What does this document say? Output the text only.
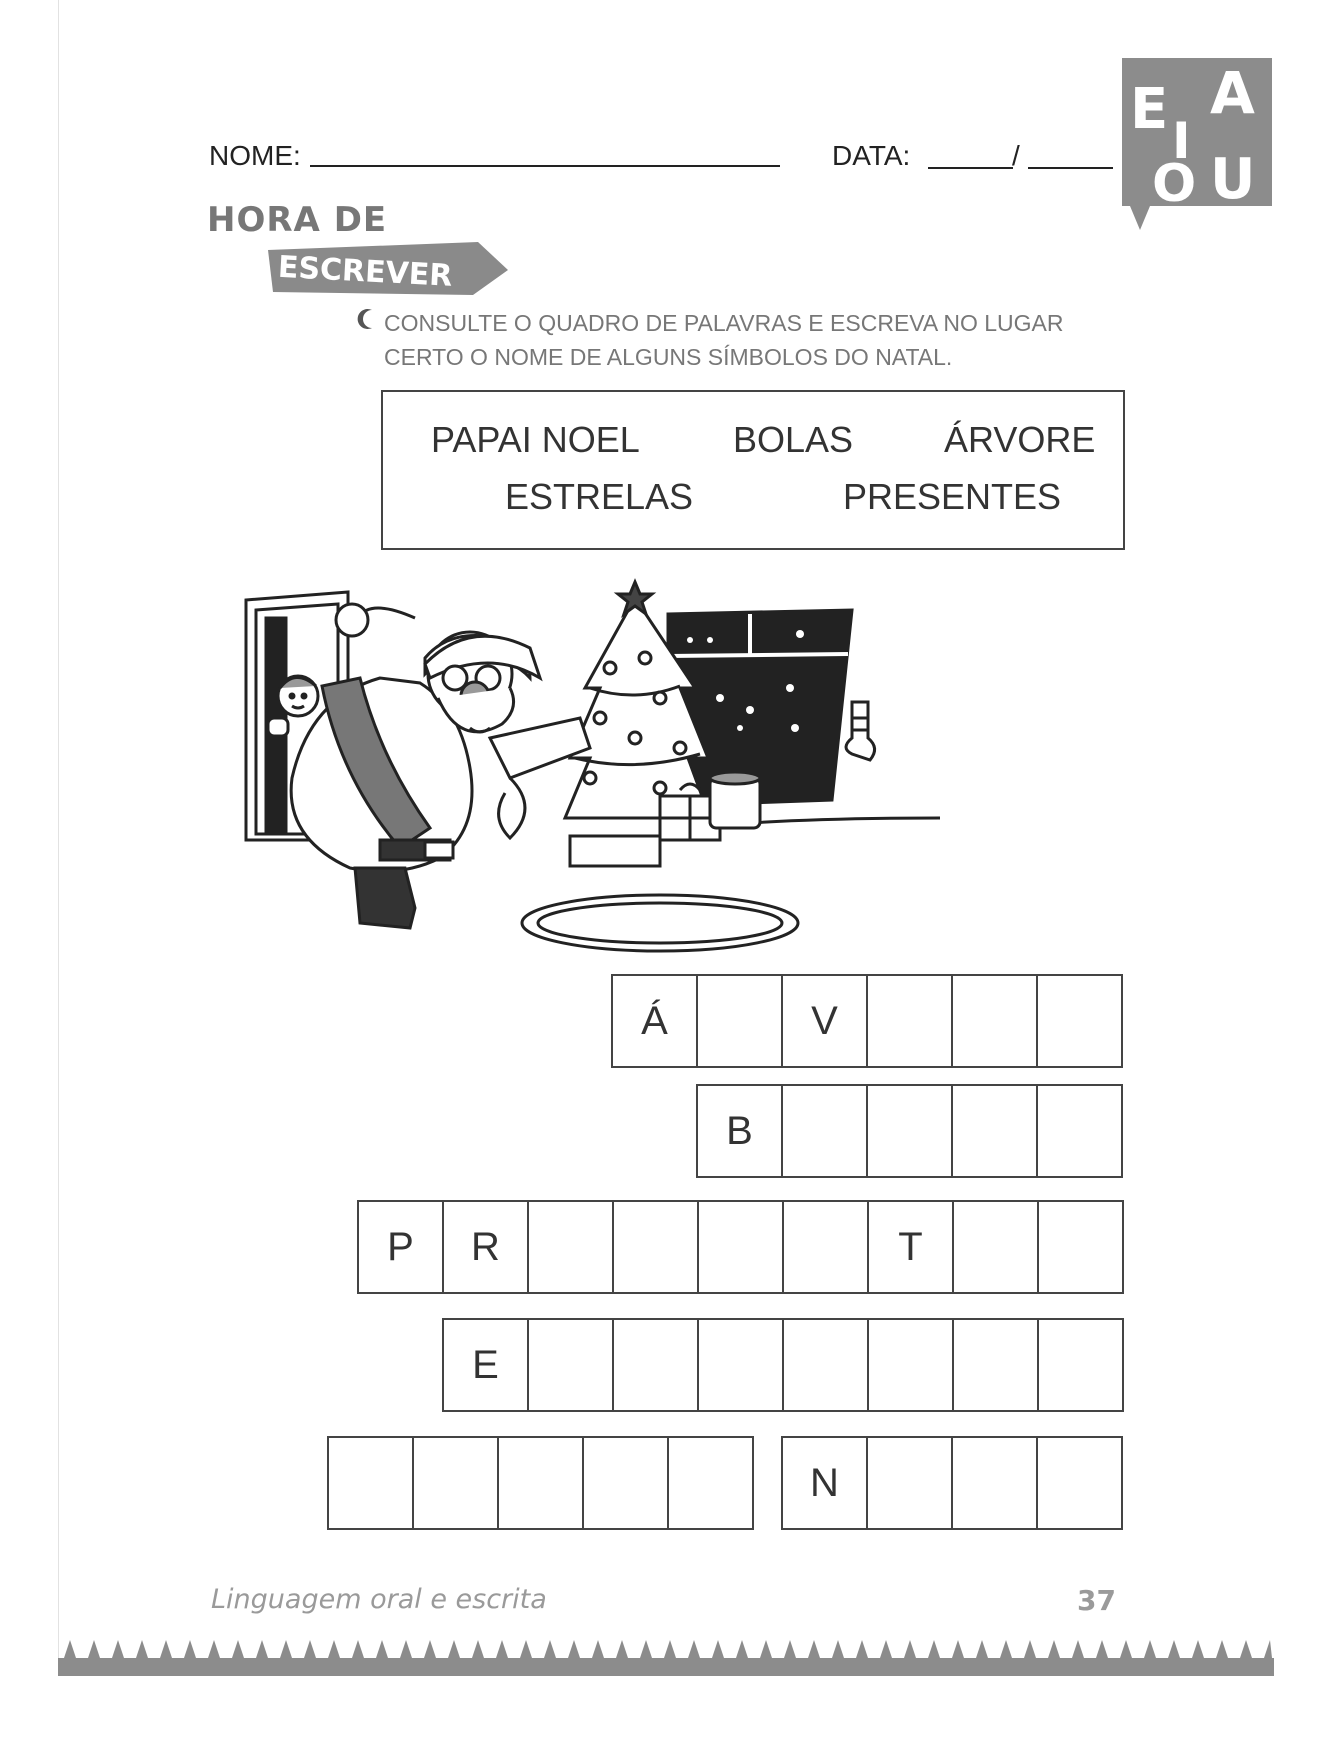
NOME:	DATA:	/
E I
A
O U
HORA DE
ESCREVER
CONSULTE O QUADRO DE PALAVRAS E ESCREVA NO LUGAR
CERTO O NOME DE ALGUNS SÍMBOLOS DO NATAL.
PAPAI NOEL	BOLAS	ÁRVORE
ESTRELAS	PRESENTES
Á	V
B
P	R	T
E
N
Linguagem oral e escrita	37
